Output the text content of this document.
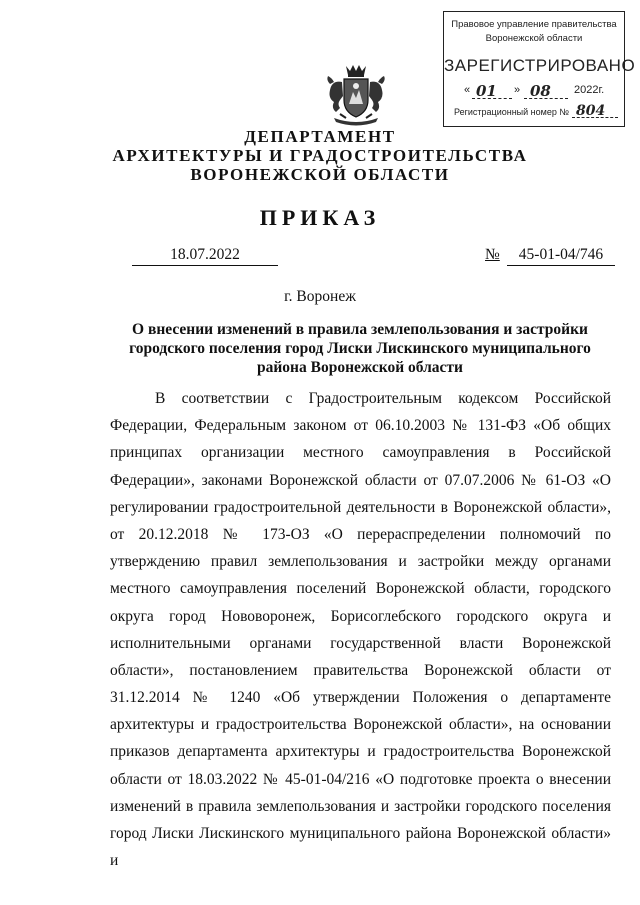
Правовое управление правительства
Воронежской области
ЗАРЕГИСТРИРОВАНО
« 01 » 08 2022г.
Регистрационный номер № 804
ДЕПАРТАМЕНТ
АРХИТЕКТУРЫ И ГРАДОСТРОИТЕЛЬСТВА
ВОРОНЕЖСКОЙ ОБЛАСТИ
ПРИКАЗ
18.07.2022	№	45-01-04/746
г. Воронеж
О внесении изменений в правила землепользования и застройки городского поселения город Лиски Лискинского муниципального района Воронежской области
В соответствии с Градостроительным кодексом Российской
Федерации, Федеральным законом от 06.10.2003 № 131-ФЗ «Об общих
принципах организации местного самоуправления в Российской
Федерации», законами Воронежской области от 07.07.2006 № 61-ОЗ «О
регулировании градостроительной деятельности в Воронежской области»,
от 20.12.2018 № 173-ОЗ «О перераспределении полномочий по
утверждению правил землепользования и застройки между органами
местного самоуправления поселений Воронежской области, городского
округа город Нововоронеж, Борисоглебского городского округа и
исполнительными органами государственной власти Воронежской
области», постановлением правительства Воронежской области от
31.12.2014 № 1240 «Об утверждении Положения о департаменте
архитектуры и градостроительства Воронежской области», на основании
приказов департамента архитектуры и градостроительства Воронежской
области от 18.03.2022 № 45-01-04/216 «О подготовке проекта о внесении
изменений в правила землепользования и застройки городского поселения
город Лиски Лискинского муниципального района Воронежской области» и
